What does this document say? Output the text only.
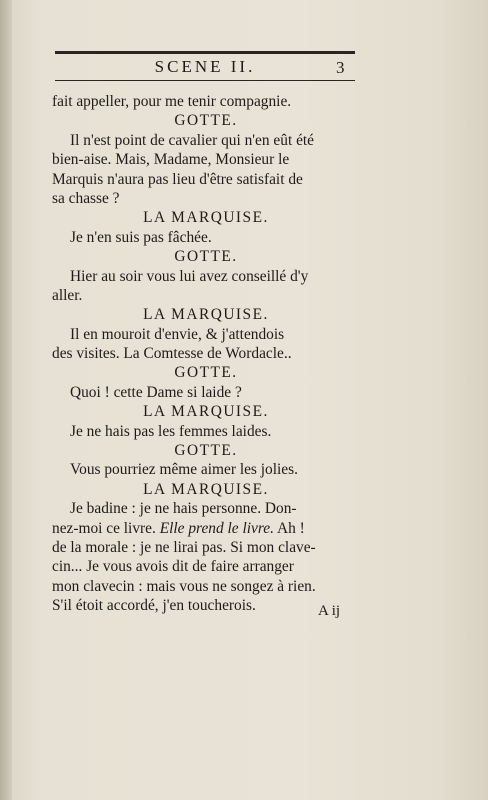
SCENE II.	3
fait appeller, pour me tenir compagnie.
GOTTE.
Il n'est point de cavalier qui n'en eût été
bien-aise. Mais, Madame, Monsieur le
Marquis n'aura pas lieu d'être satisfait de
sa chasse ?
LA MARQUISE.
Je n'en suis pas fâchée.
GOTTE.
Hier au soir vous lui avez conseillé d'y
aller.
LA MARQUISE.
Il en mouroit d'envie, & j'attendois
des visites. La Comtesse de Wordacle..
GOTTE.
Quoi ! cette Dame si laide ?
LA MARQUISE.
Je ne hais pas les femmes laides.
GOTTE.
Vous pourriez même aimer les jolies.
LA MARQUISE.
Je badine : je ne hais personne. Don-
nez-moi ce livre. Elle prend le livre. Ah !
de la morale : je ne lirai pas. Si mon clave-
cin... Je vous avois dit de faire arranger
mon clavecin : mais vous ne songez à rien.
S'il étoit accordé, j'en toucherois.	A ij
